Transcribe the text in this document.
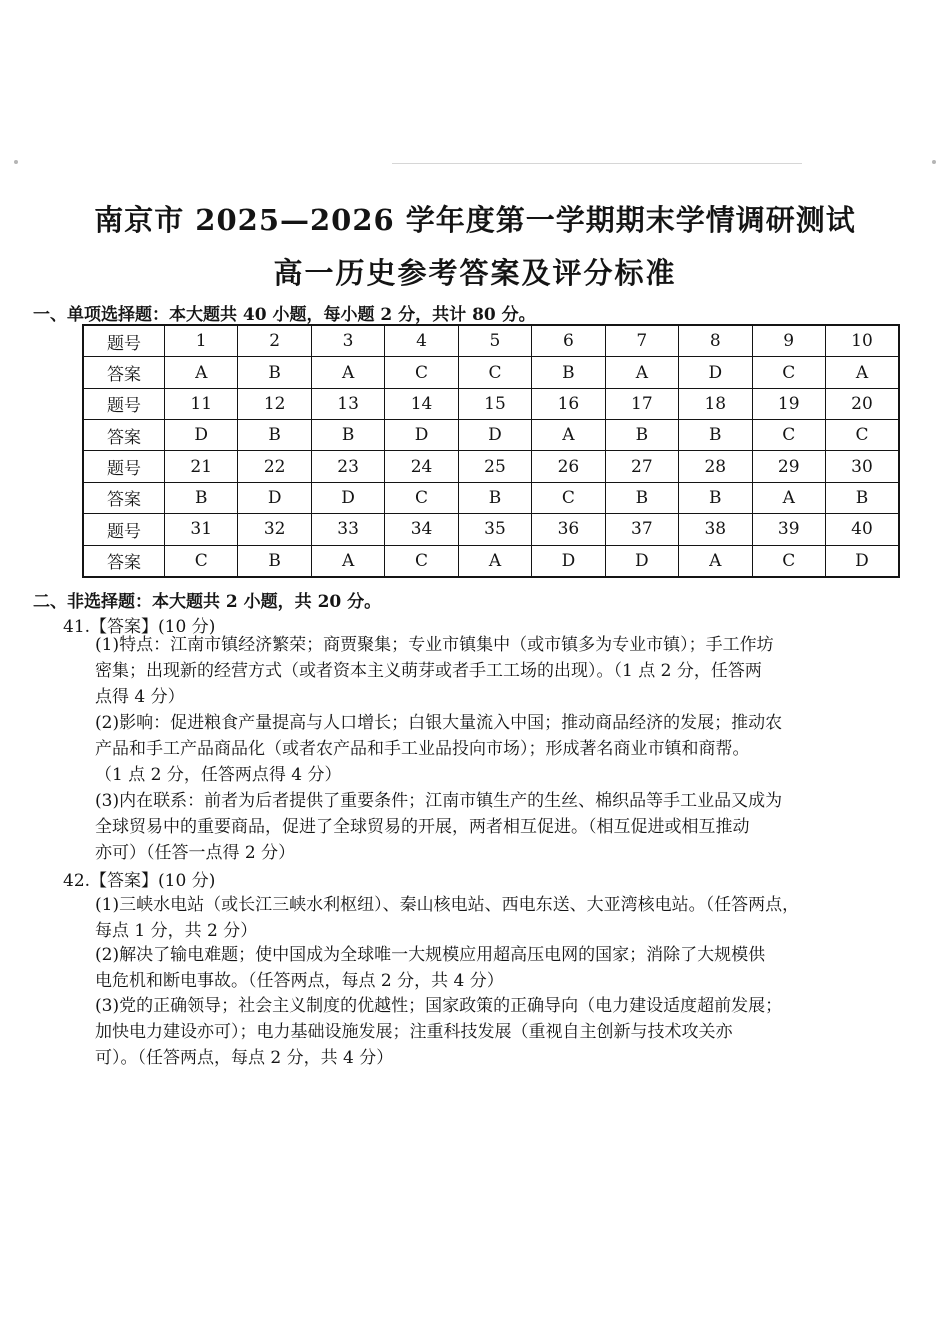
南京市 2025—2026 学年度第一学期期末学情调研测试
高一历史参考答案及评分标准
一、单项选择题：本大题共 40 小题，每小题 2 分，共计 80 分。
题号	1	2	3	4	5	6	7	8	9	10
答案	A	B	A	C	C	B	A	D	C	A
题号	11	12	13	14	15	16	17	18	19	20
答案	D	B	B	D	D	A	B	B	C	C
题号	21	22	23	24	25	26	27	28	29	30
答案	B	D	D	C	B	C	B	B	A	B
题号	31	32	33	34	35	36	37	38	39	40
答案	C	B	A	C	A	D	D	A	C	D
二、非选择题：本大题共 2 小题，共 20 分。
41.【答案】(10 分)

(1)特点：江南市镇经济繁荣；商贾聚集；专业市镇集中（或市镇多为专业市镇）；手工作坊

密集；出现新的经营方式（或者资本主义萌芽或者手工工场的出现）。（1 点 2 分，任答两

点得 4 分）

(2)影响：促进粮食产量提高与人口增长；白银大量流入中国；推动商品经济的发展；推动农

产品和手工产品商品化（或者农产品和手工业品投向市场）；形成著名商业市镇和商帮。

（1 点 2 分，任答两点得 4 分）

(3)内在联系：前者为后者提供了重要条件；江南市镇生产的生丝、棉织品等手工业品又成为

全球贸易中的重要商品，促进了全球贸易的开展，两者相互促进。（相互促进或相互推动

亦可）（任答一点得 2 分）

42.【答案】(10 分)

(1)三峡水电站（或长江三峡水利枢纽）、秦山核电站、西电东送、大亚湾核电站。（任答两点，

每点 1 分，共 2 分）

(2)解决了输电难题；使中国成为全球唯一大规模应用超高压电网的国家；消除了大规模供

电危机和断电事故。（任答两点，每点 2 分，共 4 分）

(3)党的正确领导；社会主义制度的优越性；国家政策的正确导向（电力建设适度超前发展；

加快电力建设亦可）；电力基础设施发展；注重科技发展（重视自主创新与技术攻关亦

可）。（任答两点，每点 2 分，共 4 分）
